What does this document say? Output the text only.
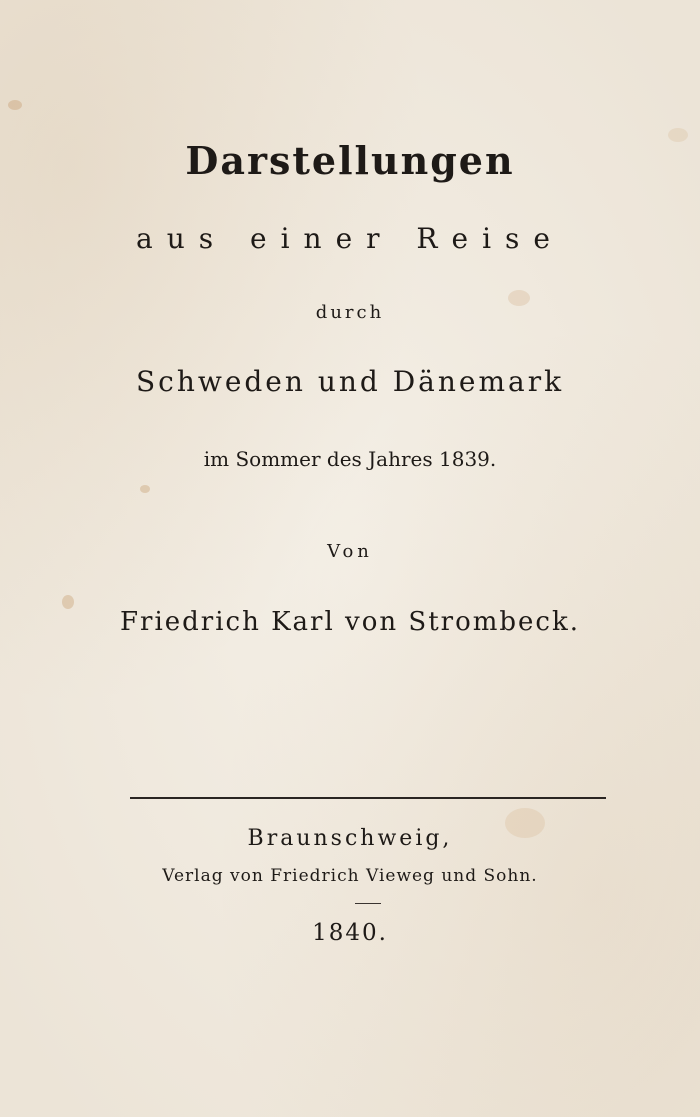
Darstellungen
aus einer Reise
durch
Schweden und Dänemark
im Sommer des Jahres 1839.
Von
Friedrich Karl von Strombeck.
Braunschweig,
Verlag von Friedrich Vieweg und Sohn.
1840.
